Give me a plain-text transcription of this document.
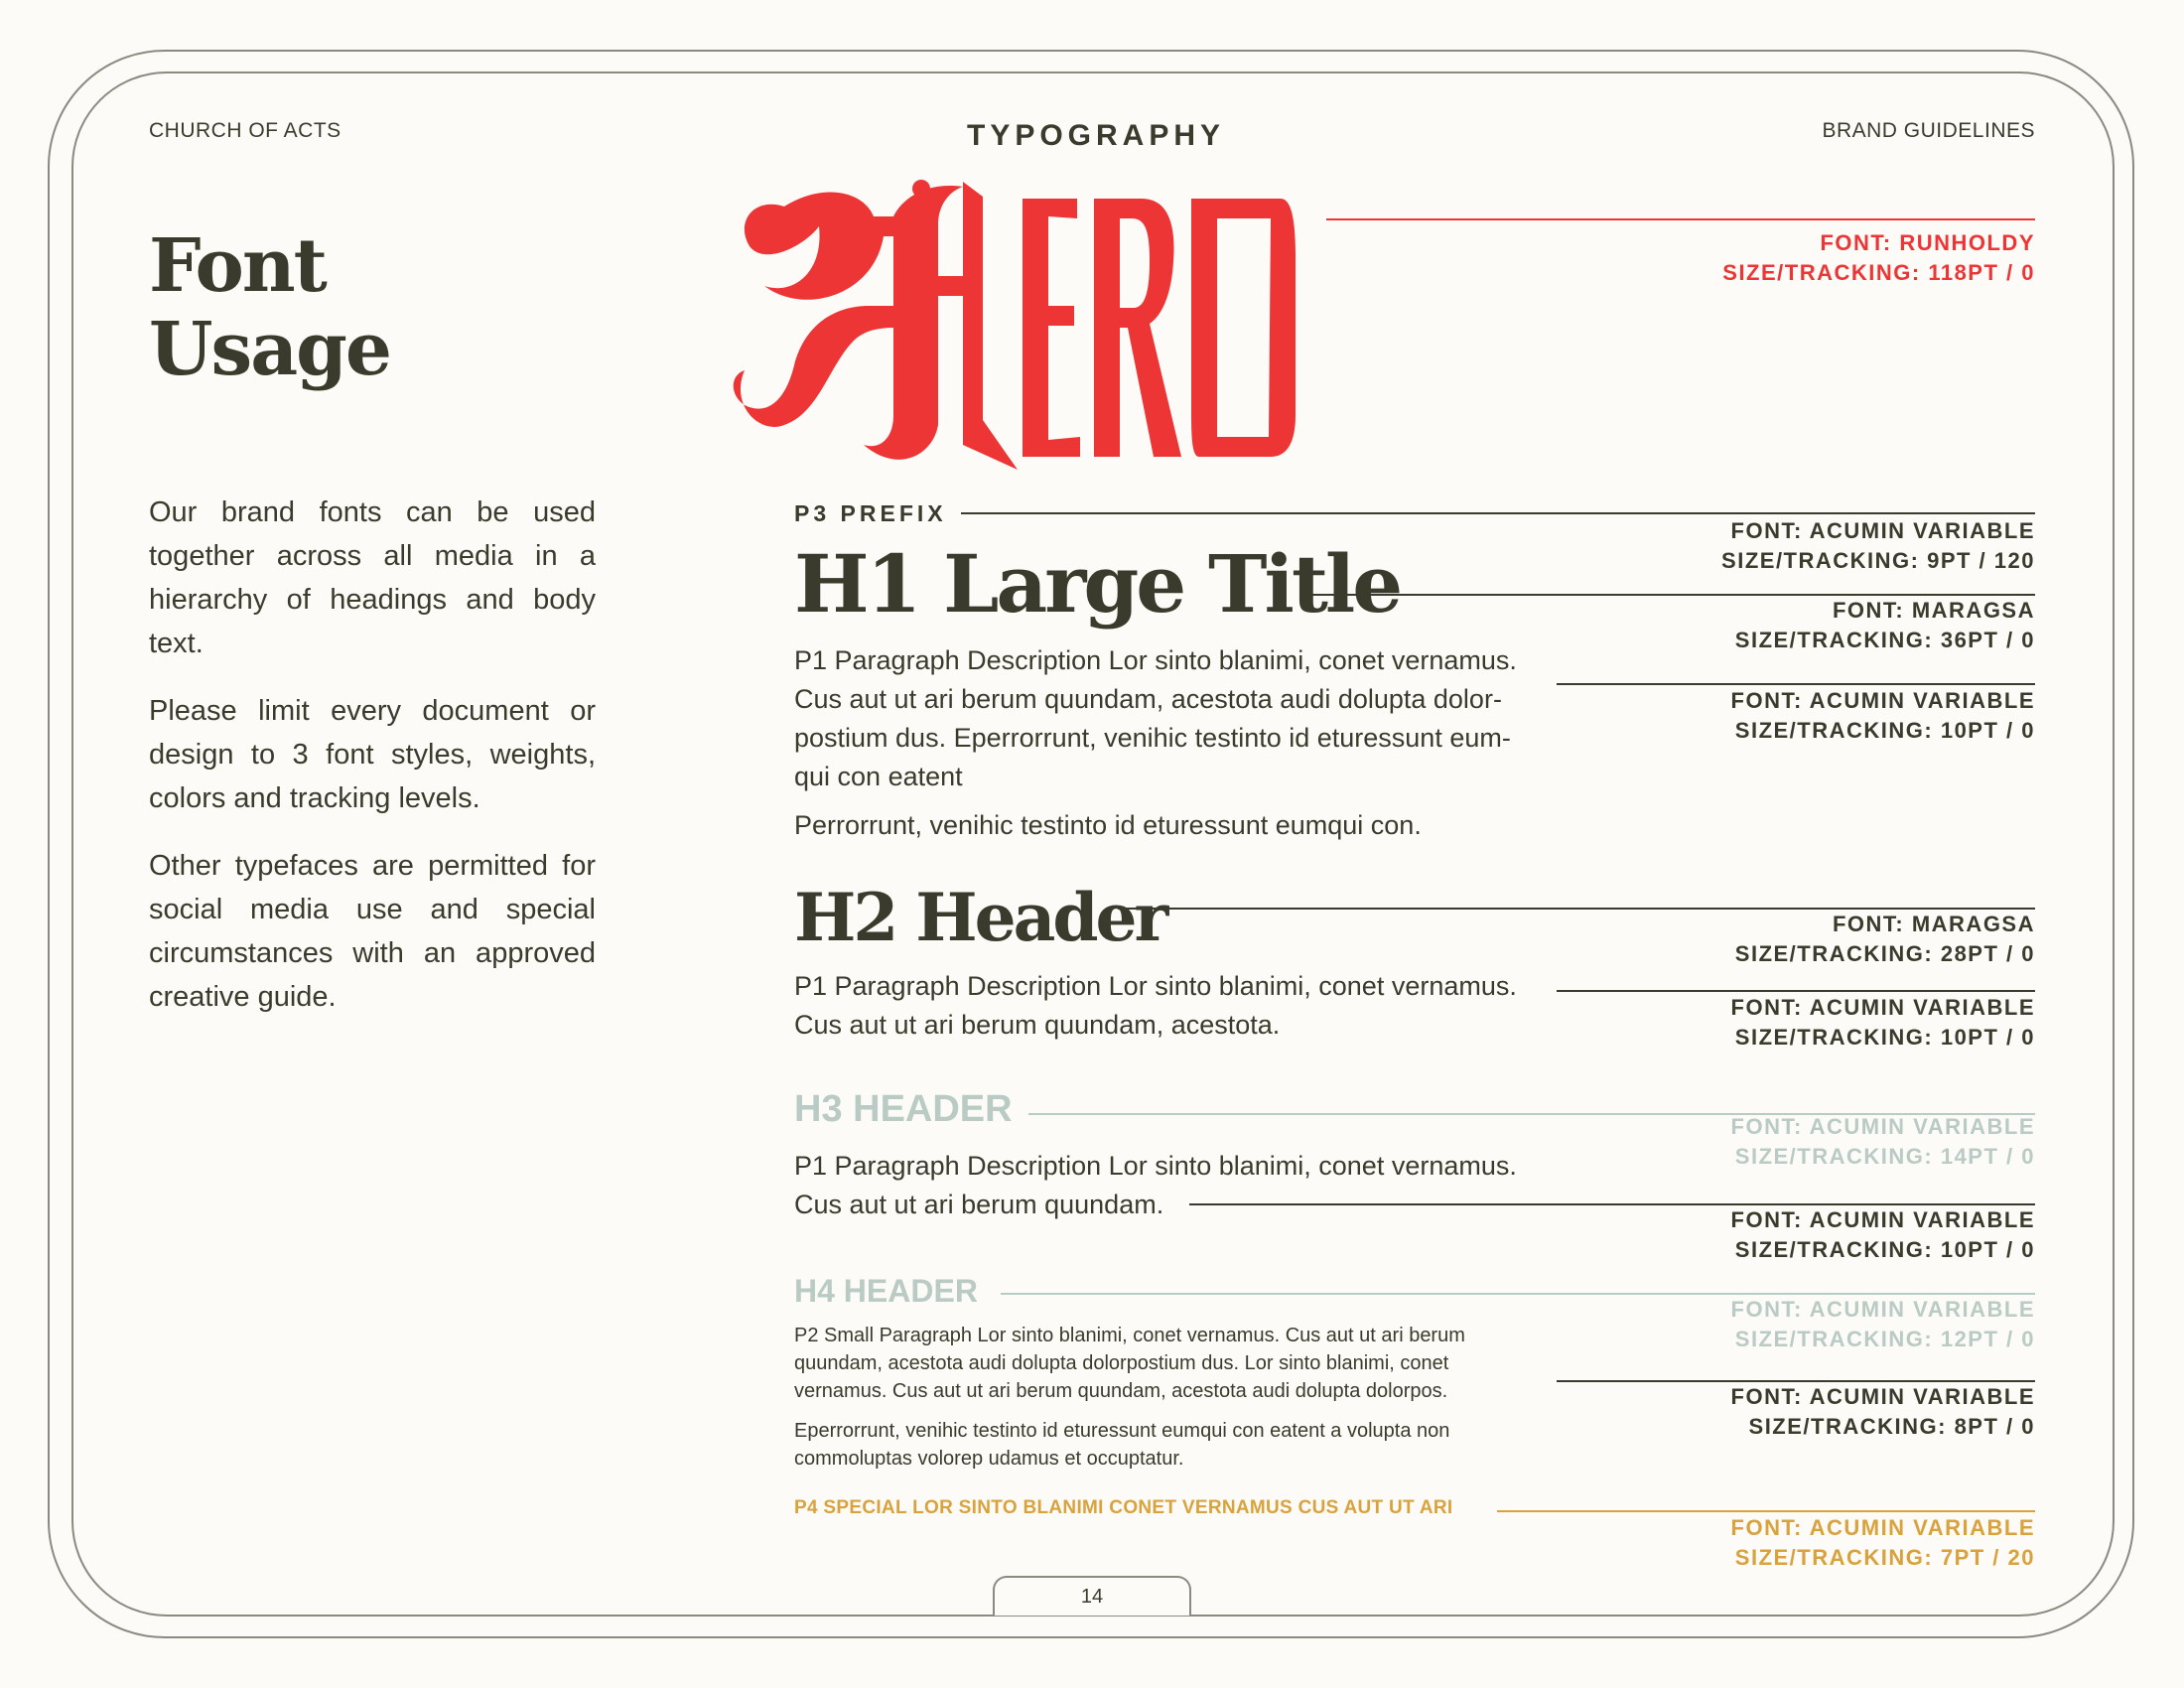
CHURCH OF ACTS	TYPOGRAPHY	BRAND GUIDELINES
Font
Usage

Our brand fonts can be used together across all media in a hierarchy of headings and body text.

Please limit every document or design to 3 font styles, weights, colors and tracking levels.

Other typefaces are permitted for social media use and special circumstances with an approved creative guide.

FONT: RUNHOLDY
SIZE/TRACKING: 118PT / 0
P3 PREFIX
FONT: ACUMIN VARIABLE
SIZE/TRACKING: 9PT / 120
H1 Large Title	FONT: MARAGSA
SIZE/TRACKING: 36PT / 0
P1 Paragraph Description Lor sinto blanimi, conet vernamus.
Cus aut ut ari berum quundam, acestota audi dolupta dolor-
postium dus. Eperrorrunt, venihic testinto id eturessunt eum-
qui con eatent
Perrorrunt, venihic testinto id eturessunt eumqui con.
FONT: ACUMIN VARIABLE
SIZE/TRACKING: 10PT / 0
H2 Header	FONT: MARAGSA
SIZE/TRACKING: 28PT / 0
P1 Paragraph Description Lor sinto blanimi, conet vernamus.
Cus aut ut ari berum quundam, acestota.
FONT: ACUMIN VARIABLE
SIZE/TRACKING: 10PT / 0
H3 HEADER	FONT: ACUMIN VARIABLE
SIZE/TRACKING: 14PT / 0
P1 Paragraph Description Lor sinto blanimi, conet vernamus.
Cus aut ut ari berum quundam.
FONT: ACUMIN VARIABLE
SIZE/TRACKING: 10PT / 0
H4 HEADER
FONT: ACUMIN VARIABLE
SIZE/TRACKING: 12PT / 0
P2 Small Paragraph Lor sinto blanimi, conet vernamus. Cus aut ut ari berum quundam, acestota audi dolupta dolorpostium dus. Lor sinto blanimi, conet vernamus. Cus aut ut ari berum quundam, acestota audi dolupta dolorpos.
Eperrorrunt, venihic testinto id eturessunt eumqui con eatent a volupta non commoluptas volorep udamus et occuptatur.
FONT: ACUMIN VARIABLE
SIZE/TRACKING: 8PT / 0
P4 SPECIAL LOR SINTO BLANIMI CONET VERNAMUS CUS AUT UT ARI
FONT: ACUMIN VARIABLE
SIZE/TRACKING: 7PT / 20
14
